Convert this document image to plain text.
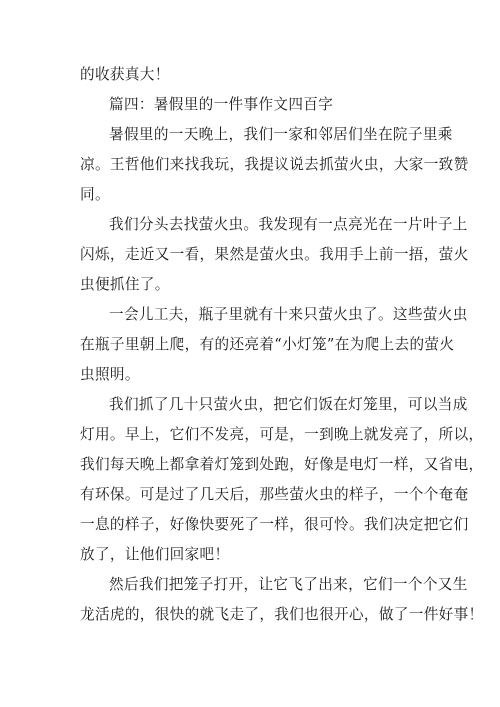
的收获真大！
篇四：暑假里的一件事作文四百字
暑假里的一天晚上，我们一家和邻居们坐在院子里乘
凉。王哲他们来找我玩，我提议说去抓萤火虫，大家一致赞
同。
我们分头去找萤火虫。我发现有一点亮光在一片叶子上
闪烁，走近又一看，果然是萤火虫。我用手上前一捂，萤火
虫便抓住了。
一会儿工夫，瓶子里就有十来只萤火虫了。这些萤火虫
在瓶子里朝上爬，有的还亮着“小灯笼”在为爬上去的萤火
虫照明。
我们抓了几十只萤火虫，把它们饭在灯笼里，可以当成
灯用。早上，它们不发亮，可是，一到晚上就发亮了，所以，
我们每天晚上都拿着灯笼到处跑，好像是电灯一样，又省电，
有环保。可是过了几天后，那些萤火虫的样子，一个个奄奄
一息的样子，好像快要死了一样，很可怜。我们决定把它们
放了，让他们回家吧！
然后我们把笼子打开，让它飞了出来，它们一个个又生
龙活虎的，很快的就飞走了，我们也很开心，做了一件好事！
